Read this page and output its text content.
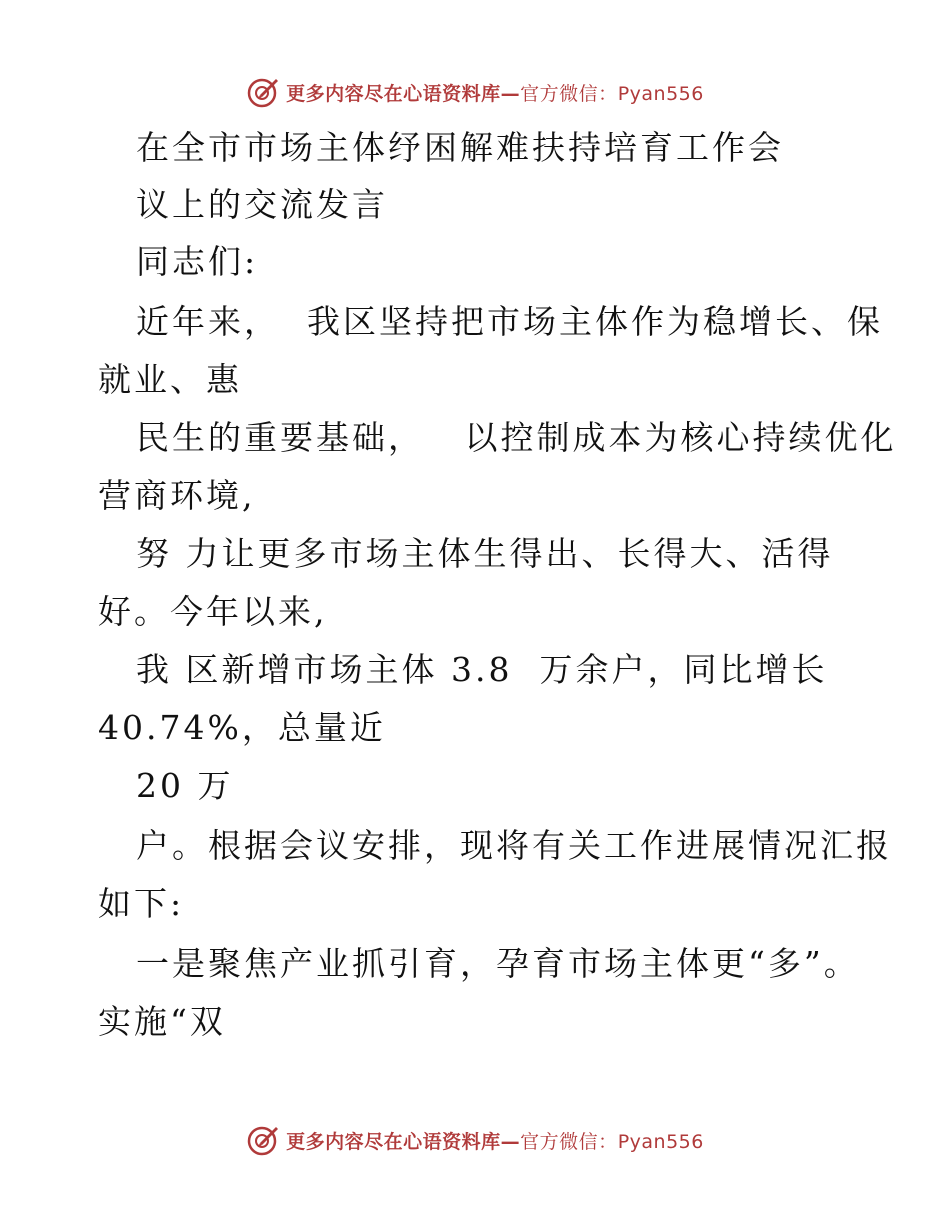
更多内容尽在心语资料库—官方微信：Pyan556
在全市市场主体纾困解难扶持培育工作会
议上的交流发言
同志们:
近年来，  我区坚持把市场主体作为稳增长、保
就业、惠
民生的重要基础，   以控制成本为核心持续优化
营商环境,
努 力让更多市场主体生得出、长得大、活得
好。今年以来,
我 区新增市场主体 3.8  万余户，同比增长
40.74%，总量近
20 万
户。根据会议安排，现将有关工作进展情况汇报
如下:
一是聚焦产业抓引育，孕育市场主体更“多”。
实施“双
更多内容尽在心语资料库—官方微信：Pyan556
